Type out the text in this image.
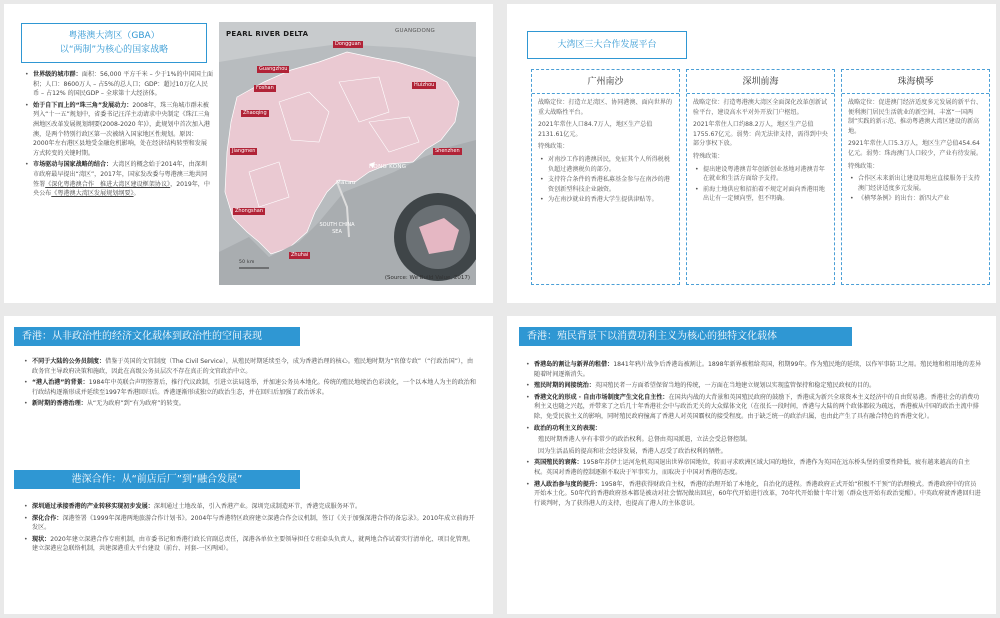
粤港澳大湾区（GBA）
以“两制”为核心的国家战略
• 世界级的城市群：面积：56,000 平方千米 – 少于1%的中国国土面积；人口：8600万人 – 占5%的总人口；GDP：超过10万亿人民币 – 占12% 的国民GDP – 全球第十大经济体。
• 始于自下而上的“珠三角”发展动力：2008年，珠三角城市群未被列入“十一五”规划中，省委书记汪洋主动请求中央制定《珠江三角洲地区改革发展规划纲要(2008-2020 年)》，此规划中首次加入港澳，是两个特别行政区第一次被纳入国家地区性规划。原因：2000年左右港区县地受金融危机影响，处在经济结构转型和发展方式转变的关键时期。
• 市场驱动与国家战略的结合：大湾区的概念始于2014年，由深圳市政府最早提出“湾区”，2017年，国家发改委与粤港澳三地共同签署《深化粤港澳合作　推进大湾区建设框架协议》，2019年，中央公布《粤港澳大湾区发展规划纲要》。
PEARL RIVER DELTA	GUANGDONG
Dongguan
Guangzhou
Huizhou
Foshan
Zhaoqing
Jiangmen	Shenzhen
HONG KONG
Macau
Zhongshan
Zhuhai
SOUTH CHINA SEA
50 km
(Source: We Build Value, 2017)
大湾区三大合作发展平台
广州南沙

战略定位：打造立足湾区、协同港澳、面向世界的重大战略性平台。

2021年常住人口84.7万人，地区生产总值2131.61亿元。

特殊政策：

• 对南沙工作的港澳居民，免征其个人所得税税负超过港澳税负的部分。
• 支持符合条件的香港私募基金参与在南沙的港资创新型科技企业融资。
• 为在南沙就业的香港大学生提供津贴等。
深圳前海

战略定位：打造粤港澳大湾区全面深化改革创新试验平台，建设高水平对外开放门户枢纽。

2021年常住人口约88.2万人，地区生产总值1755.67亿元。弱势：尚无法律支持，需得到中央部分事权下放。

特殊政策：

• 提出建设粤港澳青年创新创业基地对港澳青年在就业和生活方面给予支持。
• 前海土地供应和招拍着不规定对面向香港用地出让有一定倾向型，但不明确。
珠海横琴

战略定位：促进澳门经济适度多元发展的新平台、便利澳门居民生活就业的新空间、丰富“一国两制”实践的新示范、推动粤港澳大湾区建设的新高地。

2921年常住人口5.3万人，地区生产总值454.64亿元。弱势：珠海澳门人口较少，产业有待发展。

特殊政策：

• 合作区未来新出让建设用地应直接服务于支持澳门经济适度多元发展。
• 《横琴条例》的出台：新四大产业
香港：从非政治性的经济文化载体到政治性的空间表现
• 不同于大陆的公务员制度：借鉴于英国的文官制度（The Civil Service），从殖民时期延续至今，成为香港治理的核心。殖民地时期为“官僚专政”（“行政治国”），由政务官主导政府决策和施政，因此在高级公务员层次不存在真正的文官政治中立。
• “港人治港”的背景：1984年中英联合声明签署后，推行代议政制，引进立法局选举，并加速公务员本地化。传统的殖民地统治色彩淡化，一个以本地人为主的政治和行政结构逐渐形成并延续至1997年香港回归后。香港逐渐形成独立的政治生态，并在回归后加强了政治诉求。
• 新时期的香港治理：从“无为政府”到“有为政府”的转变。
港深合作：从“前店后厂”到“融合发展”
• 深圳通过承接香港的产业转移实现初步发展：深圳通过土地改革，引入香港产业。深圳完成制造环节，香港完成服务环节。
• 深化合作：深港签署《1999年深港两地旅游合作计划书》。2004年与香港特区政府建立深港合作会议机制，签订《关于加强深港合作的备忘录》。2010年成立前海开发区。
• 现状：2020年建立深港合作专班机制，由市委书记和香港行政长官副总责任，深港各单位主要领导担任专班牵头负责人，就两地合作试着实行清单化、项目化管理。建立深港应急联络机制，共建深港重大平台建设（前台、河套-一区两园）。
香港：殖民背景下以消费功利主义为核心的独特文化载体
• 香港岛的割让与新界的租借：1841年鸦片战争后香港岛被割让。1898年新界被租给英国，租期99年。作为殖民地的延续，以作军事防卫之用。殖民地和租用地的差异随着时间逐渐消失。
• 殖民时期的间接统治：英国殖民者一方面希望保留当地的传统，一方面在当地建立规划以实现监管保持和稳定殖民政权的目的。
• 香港文化的形成 · 自由市场制度产生文化自主性：在国共内战的大背景和英国殖民政府的鼓励下，香港成为新兴全球资本主义经济中的自由贸易港。香港社会的消费功利主义也随之兴起，并带来了之后几十年香港社会中与政治无关的大众媒体文化（在很长一段时间，香港与大陆的两个政体都较为疏远，香港被从中国的政治主流中排除，免受民族主义的影响，同时殖民政府撞离了香港人对英国霸权的接受程度。由于缺乏统一的政治归属，也由此产生了具有融合特色的香港文化）。
• 政治的功利主义的表现：
殖民时期香港人享有非常少的政治权利。总督由英国派遣，立法会受总督控制。
因为生活品质的提高和社会经济发展，香港人忍受了政治权利的牺牲。
• 英国殖民的衰落：1958年苏伊士运河危机英国退出世界帝国地位，转而寻求欧洲区域大国的地位，香港作为英国在远东桥头堡的重要性降低，疲有越来越高的自主权。英国对香港的控制逐渐不取决于军事实力，而取决于中国对香港的态度。
• 港人政治参与度的提升：1958年，香港获得财政自主权，香港的治理开始了本地化，自治化的进程。香港政府正式开始“积极不干预”的治理模式。香港政府中的官员开始本土化。50年代的香港政府基本都是被动对社会情况做出回应，60年代开始进行改革，70年代开始做十年计划（群众也开始有政治觉醒）。中英政府就香港回归进行谈判时，为了获得港人的支持，也提高了港人的主体意识。
